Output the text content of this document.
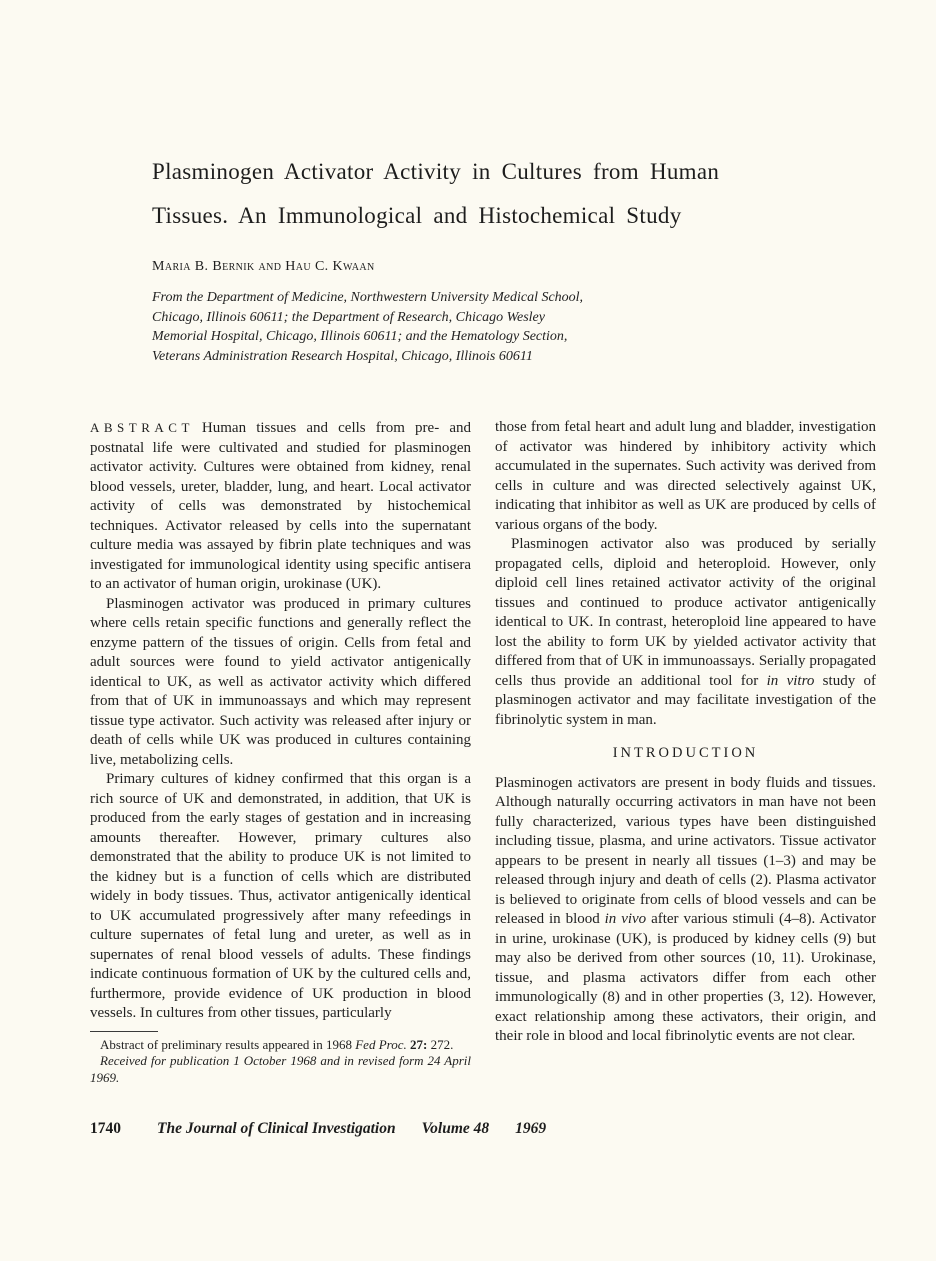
Plasminogen Activator Activity in Cultures from Human
Tissues. An Immunological and Histochemical Study
Maria B. Bernik and Hau C. Kwaan
From the Department of Medicine, Northwestern University Medical School,
Chicago, Illinois 60611; the Department of Research, Chicago Wesley
Memorial Hospital, Chicago, Illinois 60611; and the Hematology Section,
Veterans Administration Research Hospital, Chicago, Illinois 60611

ABSTRACT Human tissues and cells from pre- and postnatal life were cultivated and studied for plasminogen activator activity. Cultures were obtained from kidney, renal blood vessels, ureter, bladder, lung, and heart. Local activator activity of cells was demonstrated by histochemical techniques. Activator released by cells into the supernatant culture media was assayed by fibrin plate techniques and was investigated for immunological identity using specific antisera to an activator of human origin, urokinase (UK).

Plasminogen activator was produced in primary cultures where cells retain specific functions and generally reflect the enzyme pattern of the tissues of origin. Cells from fetal and adult sources were found to yield activator antigenically identical to UK, as well as activator activity which differed from that of UK in immunoassays and which may represent tissue type activator. Such activity was released after injury or death of cells while UK was produced in cultures containing live, metabolizing cells.

Primary cultures of kidney confirmed that this organ is a rich source of UK and demonstrated, in addition, that UK is produced from the early stages of gestation and in increasing amounts thereafter. However, primary cultures also demonstrated that the ability to produce UK is not limited to the kidney but is a function of cells which are distributed widely in body tissues. Thus, activator antigenically identical to UK accumulated progressively after many refeedings in culture supernates of fetal lung and ureter, as well as in supernates of renal blood vessels of adults. These findings indicate continuous formation of UK by the cultured cells and, furthermore, provide evidence of UK production in blood vessels. In cultures from other tissues, particularly

Abstract of preliminary results appeared in 1968 Fed Proc. 27: 272.

Received for publication 1 October 1968 and in revised form 24 April 1969.

those from fetal heart and adult lung and bladder, investigation of activator was hindered by inhibitory activity which accumulated in the supernates. Such activity was derived from cells in culture and was directed selectively against UK, indicating that inhibitor as well as UK are produced by cells of various organs of the body.

Plasminogen activator also was produced by serially propagated cells, diploid and heteroploid. However, only diploid cell lines retained activator activity of the original tissues and continued to produce activator antigenically identical to UK. In contrast, heteroploid line appeared to have lost the ability to form UK by yielded activator activity that differed from that of UK in immunoassays. Serially propagated cells thus provide an additional tool for in vitro study of plasminogen activator and may facilitate investigation of the fibrinolytic system in man.

INTRODUCTION

Plasminogen activators are present in body fluids and tissues. Although naturally occurring activators in man have not been fully characterized, various types have been distinguished including tissue, plasma, and urine activators. Tissue activator appears to be present in nearly all tissues (1–3) and may be released through injury and death of cells (2). Plasma activator is believed to originate from cells of blood vessels and can be released in blood in vivo after various stimuli (4–8). Activator in urine, urokinase (UK), is produced by kidney cells (9) but may also be derived from other sources (10, 11). Urokinase, tissue, and plasma activators differ from each other immunologically (8) and in other properties (3, 12). However, exact relationship among these activators, their origin, and their role in blood and local fibrinolytic events are not clear.

1740 The Journal of Clinical Investigation Volume 48 1969
